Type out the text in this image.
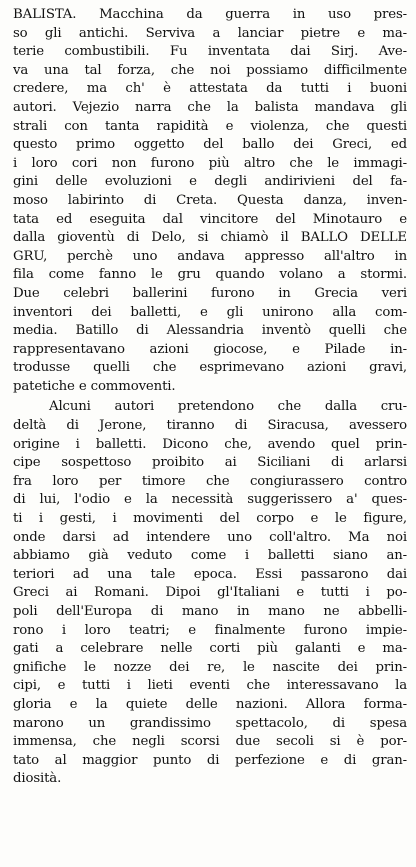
BALISTA. Macchina da guerra in uso pres-
so gli antichi. Serviva a lanciar pietre e ma-
terie combustibili. Fu inventata dai Sirj. Ave-
va una tal forza, che noi possiamo difficilmente
credere, ma ch' è attestata da tutti i buoni
autori. Vejezio narra che la balista mandava gli
strali con tanta rapidità e violenza, che questi
questo primo oggetto del ballo dei Greci, ed
i loro cori non furono più altro che le immagi-
gini delle evoluzioni e degli andirivieni del fa-
moso labirinto di Creta. Questa danza, inven-
tata ed eseguita dal vincitore del Minotauro e
dalla gioventù di Delo, si chiamò il BALLO DELLE
GRU, perchè uno andava appresso all'altro in
fila come fanno le gru quando volano a stormi.
Due celebri ballerini furono in Grecia veri
inventori dei balletti, e gli unirono alla com-
media. Batillo di Alessandria inventò quelli che
rappresentavano azioni giocose, e Pilade in-
trodusse quelli che esprimevano azioni gravi,
patetiche e commoventi.
Alcuni autori pretendono che dalla cru-
deltà di Jerone, tiranno di Siracusa, avessero
origine i balletti. Dicono che, avendo quel prin-
cipe sospettoso proibito ai Siciliani di arlarsi
fra loro per timore che congiurassero contro
di lui, l'odio e la necessità suggerissero a' ques-
ti i gesti, i movimenti del corpo e le figure,
onde darsi ad intendere uno coll'altro. Ma noi
abbiamo già veduto come i balletti siano an-
teriori ad una tale epoca. Essi passarono dai
Greci ai Romani. Dipoi gl'Italiani e tutti i po-
poli dell'Europa di mano in mano ne abbelli-
rono i loro teatri; e finalmente furono impie-
gati a celebrare nelle corti più galanti e ma-
gnifiche le nozze dei re, le nascite dei prin-
cipi, e tutti i lieti eventi che interessavano la
gloria e la quiete delle nazioni. Allora forma-
marono un grandissimo spettacolo, di spesa
immensa, che negli scorsi due secoli si è por-
tato al maggior punto di perfezione e di gran-
diosità.
